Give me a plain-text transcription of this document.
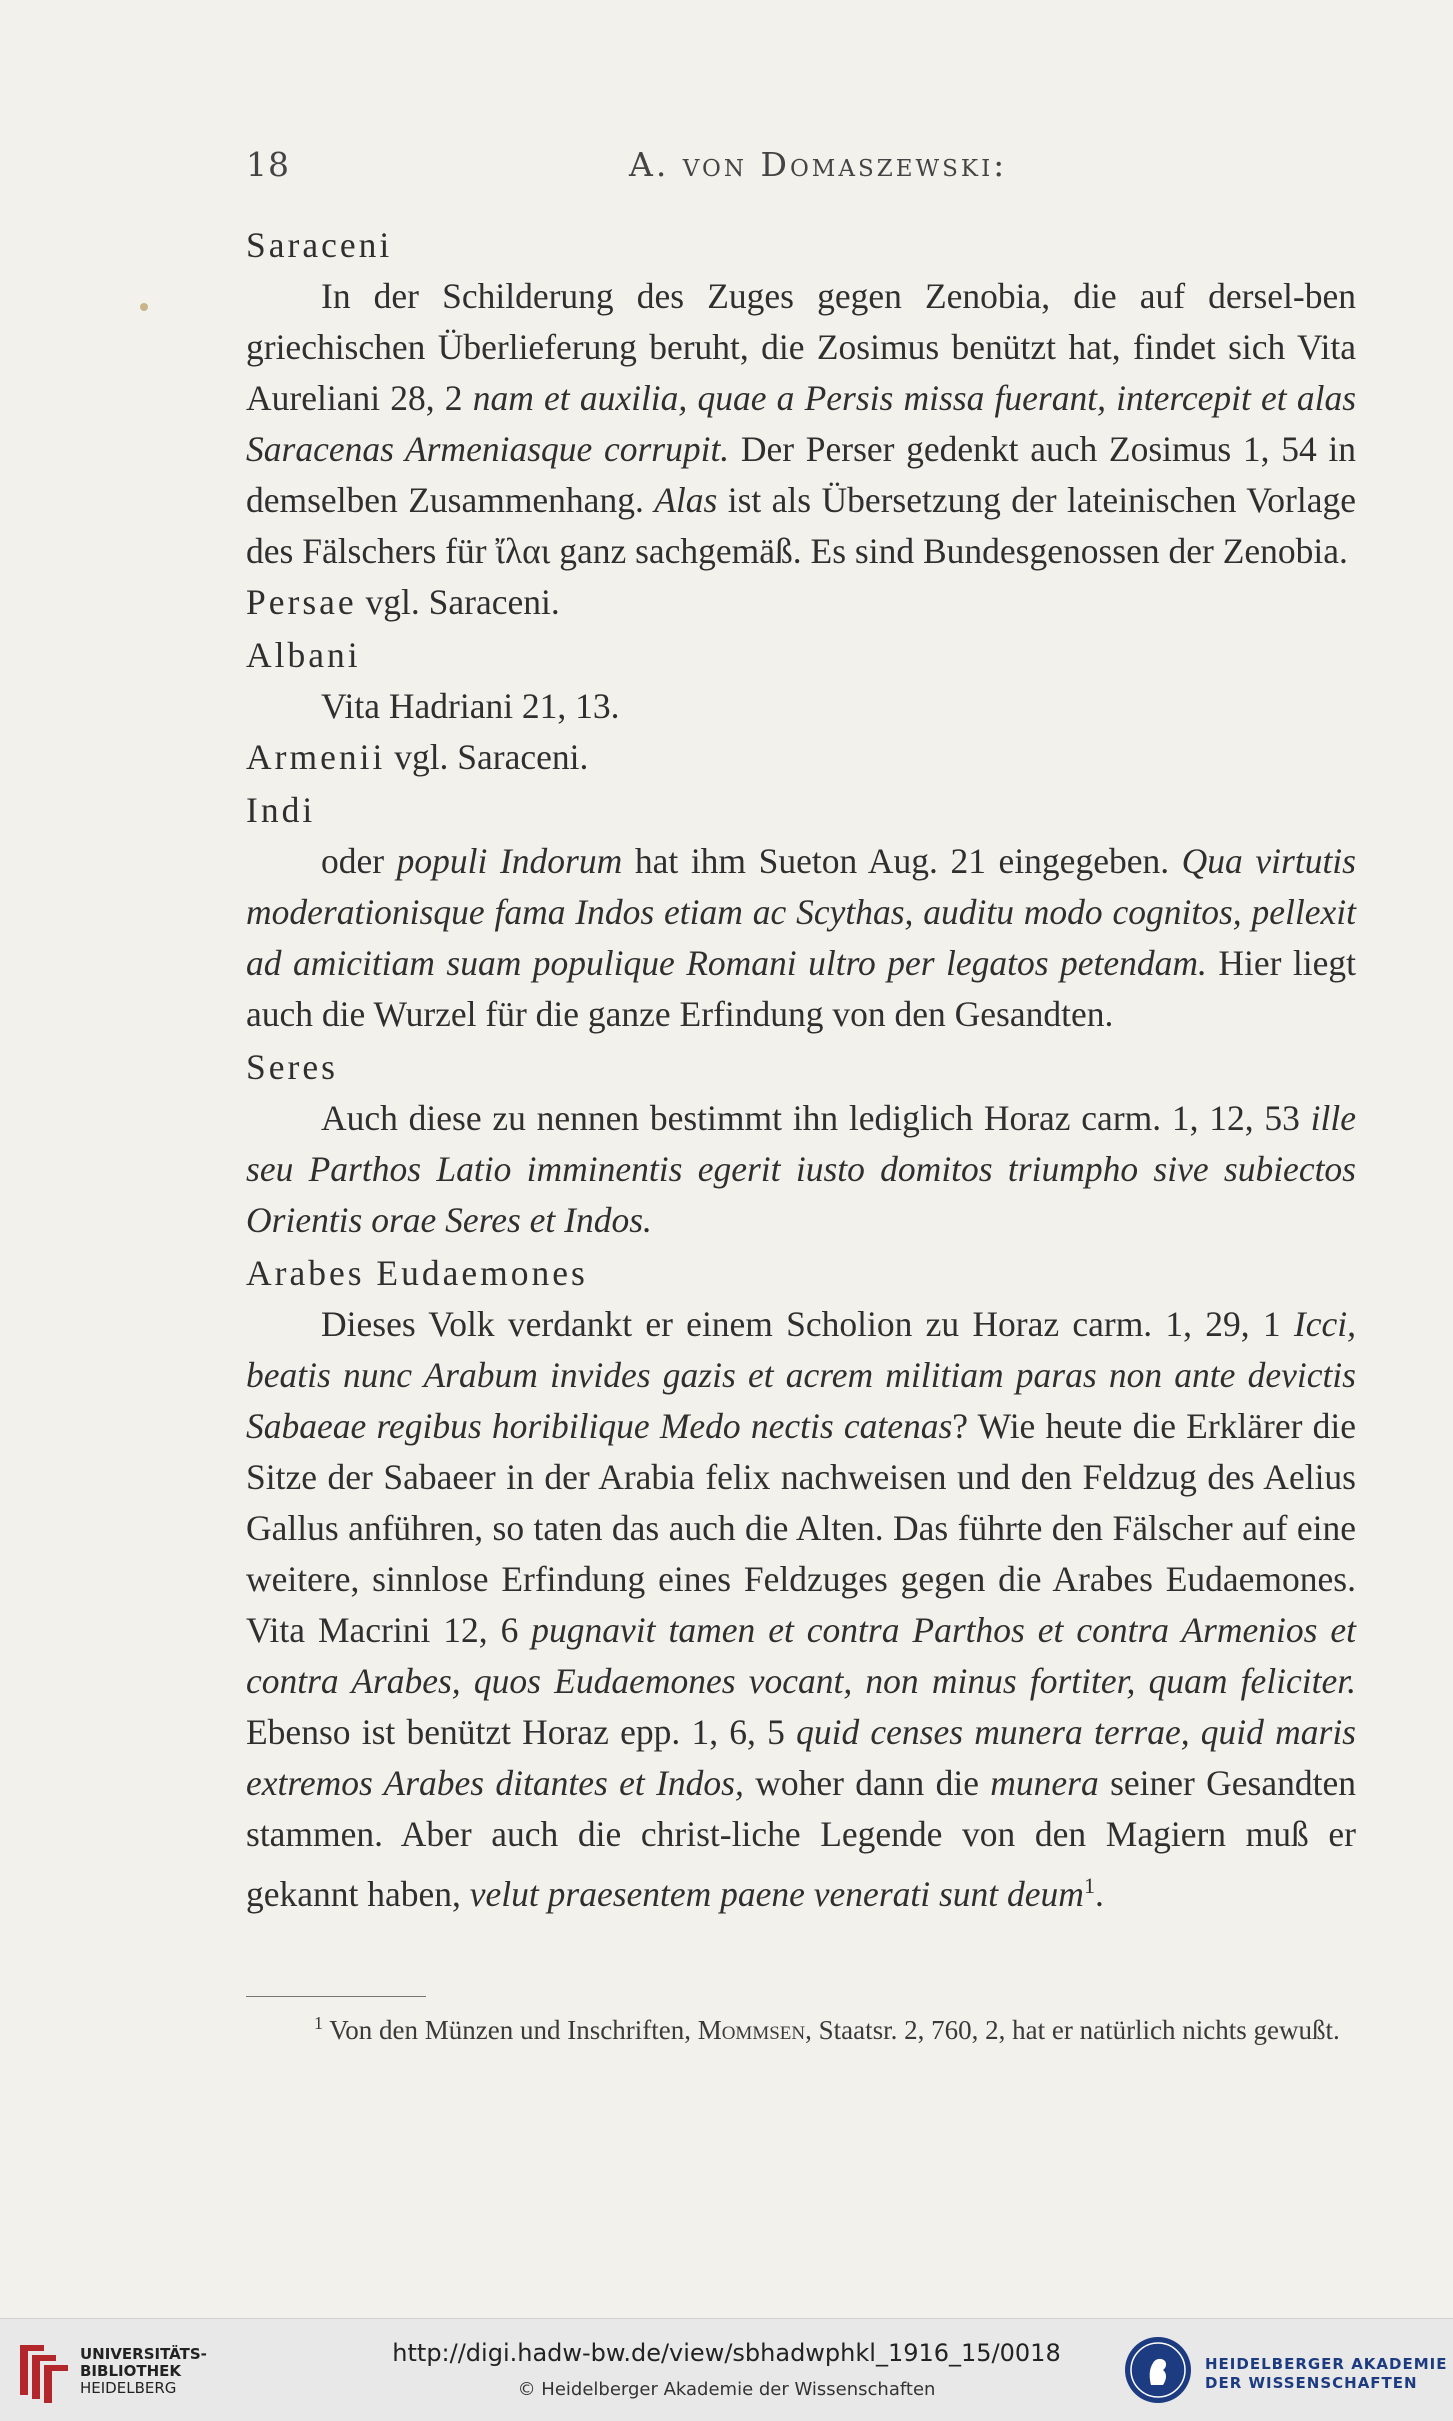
18	A. von Domaszewski:
Saraceni
In der Schilderung des Zuges gegen Zenobia, die auf dersel-ben griechischen Überlieferung beruht, die Zosimus benützt hat, findet sich Vita Aureliani 28, 2 nam et auxilia, quae a Persis missa fuerant, intercepit et alas Saracenas Armeniasque corrupit. Der Perser gedenkt auch Zosimus 1, 54 in demselben Zusammenhang. Alas ist als Übersetzung der lateinischen Vorlage des Fälschers für ἴλαι ganz sachgemäß. Es sind Bundesgenossen der Zenobia.
Persae vgl. Saraceni.
Albani
Vita Hadriani 21, 13.
Armenii vgl. Saraceni.
Indi
oder populi Indorum hat ihm Sueton Aug. 21 eingegeben. Qua virtutis moderationisque fama Indos etiam ac Scythas, auditu modo cognitos, pellexit ad amicitiam suam populique Romani ultro per legatos petendam. Hier liegt auch die Wurzel für die ganze Erfindung von den Gesandten.
Seres
Auch diese zu nennen bestimmt ihn lediglich Horaz carm. 1, 12, 53 ille seu Parthos Latio imminentis egerit iusto domitos triumpho sive subiectos Orientis orae Seres et Indos.
Arabes Eudaemones
Dieses Volk verdankt er einem Scholion zu Horaz carm. 1, 29, 1 Icci, beatis nunc Arabum invides gazis et acrem militiam paras non ante devictis Sabaeae regibus horibilique Medo nectis catenas? Wie heute die Erklärer die Sitze der Sabaeer in der Arabia felix nachweisen und den Feldzug des Aelius Gallus anführen, so taten das auch die Alten. Das führte den Fälscher auf eine weitere, sinnlose Erfindung eines Feldzuges gegen die Arabes Eudaemones. Vita Macrini 12, 6 pugnavit tamen et contra Parthos et contra Armenios et contra Arabes, quos Eudaemones vocant, non minus fortiter, quam feliciter. Ebenso ist benützt Horaz epp. 1, 6, 5 quid censes munera terrae, quid maris extremos Arabes ditantes et Indos, woher dann die munera seiner Gesandten stammen. Aber auch die christ-liche Legende von den Magiern muß er gekannt haben, velut praesentem paene venerati sunt deum$^1$.
$^1$ Von den Münzen und Inschriften, Mommsen, Staatsr. 2, 760, 2, hat er natürlich nichts gewußt.
UNIVERSITÄTS-
BIBLIOTHEK
HEIDELBERG
http://digi.hadw-bw.de/view/sbhadwphkl_1916_15/0018
© Heidelberger Akademie der Wissenschaften
HEIDELBERGER AKADEMIE
DER WISSENSCHAFTEN
